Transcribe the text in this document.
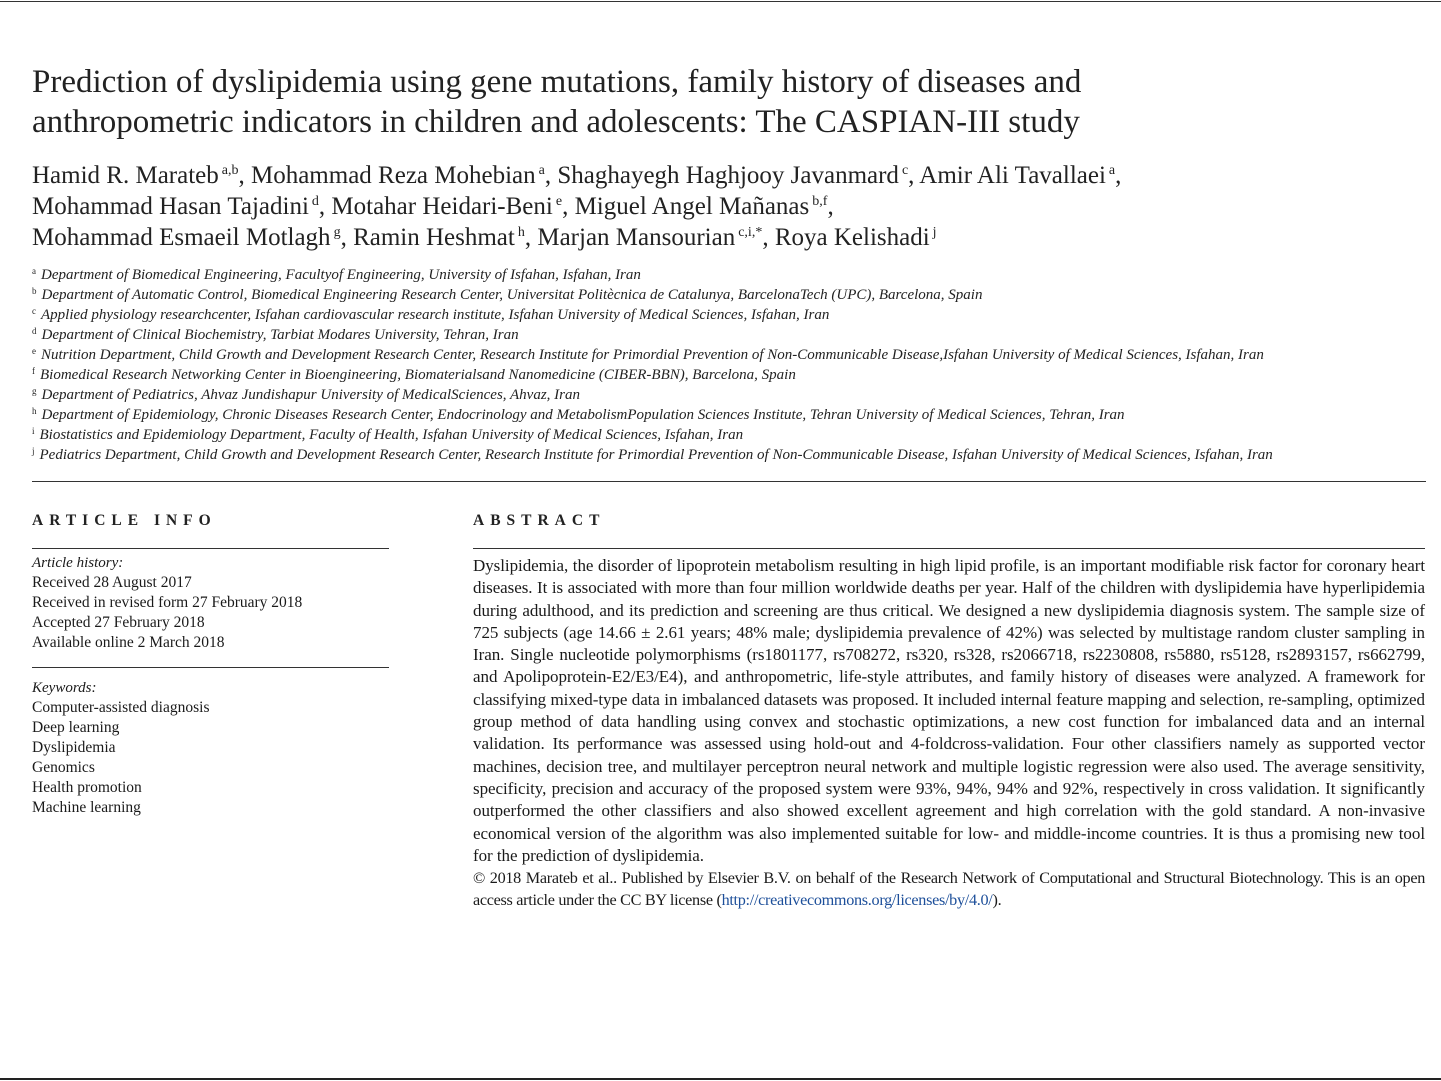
Prediction of dyslipidemia using gene mutations, family history of diseases and anthropometric indicators in children and adolescents: The CASPIAN-III study
Hamid R. Marateb $^{a,b}$, Mohammad Reza Mohebian $^a$, Shaghayegh Haghjooy Javanmard $^c$, Amir Ali Tavallaei $^a$,
Mohammad Hasan Tajadini $^d$, Motahar Heidari-Beni $^e$, Miguel Angel Mañanas $^{b,f}$,
Mohammad Esmaeil Motlagh $^g$, Ramin Heshmat $^h$, Marjan Mansourian $^{c,i,*}$, Roya Kelishadi $^j$
$^a$ Department of Biomedical Engineering, Facultyof Engineering, University of Isfahan, Isfahan, Iran
$^b$ Department of Automatic Control, Biomedical Engineering Research Center, Universitat Politècnica de Catalunya, BarcelonaTech (UPC), Barcelona, Spain
$^c$ Applied physiology researchcenter, Isfahan cardiovascular research institute, Isfahan University of Medical Sciences, Isfahan, Iran
$^d$ Department of Clinical Biochemistry, Tarbiat Modares University, Tehran, Iran
$^e$ Nutrition Department, Child Growth and Development Research Center, Research Institute for Primordial Prevention of Non-Communicable Disease,Isfahan University of Medical Sciences, Isfahan, Iran
$^f$ Biomedical Research Networking Center in Bioengineering, Biomaterialsand Nanomedicine (CIBER-BBN), Barcelona, Spain
$^g$ Department of Pediatrics, Ahvaz Jundishapur University of MedicalSciences, Ahvaz, Iran
$^h$ Department of Epidemiology, Chronic Diseases Research Center, Endocrinology and MetabolismPopulation Sciences Institute, Tehran University of Medical Sciences, Tehran, Iran
$^i$ Biostatistics and Epidemiology Department, Faculty of Health, Isfahan University of Medical Sciences, Isfahan, Iran
$^j$ Pediatrics Department, Child Growth and Development Research Center, Research Institute for Primordial Prevention of Non-Communicable Disease, Isfahan University of Medical Sciences, Isfahan, Iran
ARTICLE INFO
Article history:
Received 28 August 2017
Received in revised form 27 February 2018
Accepted 27 February 2018
Available online 2 March 2018
Keywords:
Computer-assisted diagnosis
Deep learning
Dyslipidemia
Genomics
Health promotion
Machine learning
ABSTRACT

Dyslipidemia, the disorder of lipoprotein metabolism resulting in high lipid profile, is an important modifiable risk factor for coronary heart diseases. It is associated with more than four million worldwide deaths per year. Half of the children with dyslipidemia have hyperlipidemia during adulthood, and its prediction and screening are thus critical. We designed a new dyslipidemia diagnosis system. The sample size of 725 subjects (age 14.66 ± 2.61 years; 48% male; dyslipidemia prevalence of 42%) was selected by multistage random cluster sampling in Iran. Single nucleotide polymorphisms (rs1801177, rs708272, rs320, rs328, rs2066718, rs2230808, rs5880, rs5128, rs2893157, rs662799, and Apolipoprotein-E2/E3/E4), and anthropometric, life-style attributes, and family history of diseases were analyzed. A framework for classifying mixed-type data in imbalanced datasets was proposed. It included internal feature mapping and selection, re-sampling, optimized group method of data handling using convex and stochastic optimizations, a new cost function for imbalanced data and an internal validation. Its performance was assessed using hold-out and 4-foldcross-validation. Four other classifiers namely as supported vector machines, decision tree, and multilayer perceptron neural network and multiple logistic regression were also used. The average sensitivity, specificity, precision and accuracy of the proposed system were 93%, 94%, 94% and 92%, respectively in cross validation. It significantly outperformed the other classifiers and also showed excellent agreement and high correlation with the gold standard. A non-invasive economical version of the algorithm was also implemented suitable for low- and middle-income countries. It is thus a promising new tool for the prediction of dyslipidemia.

© 2018 Marateb et al.. Published by Elsevier B.V. on behalf of the Research Network of Computational and Structural Biotechnology. This is an open access article under the CC BY license (http://creativecommons.org/licenses/by/4.0/).
